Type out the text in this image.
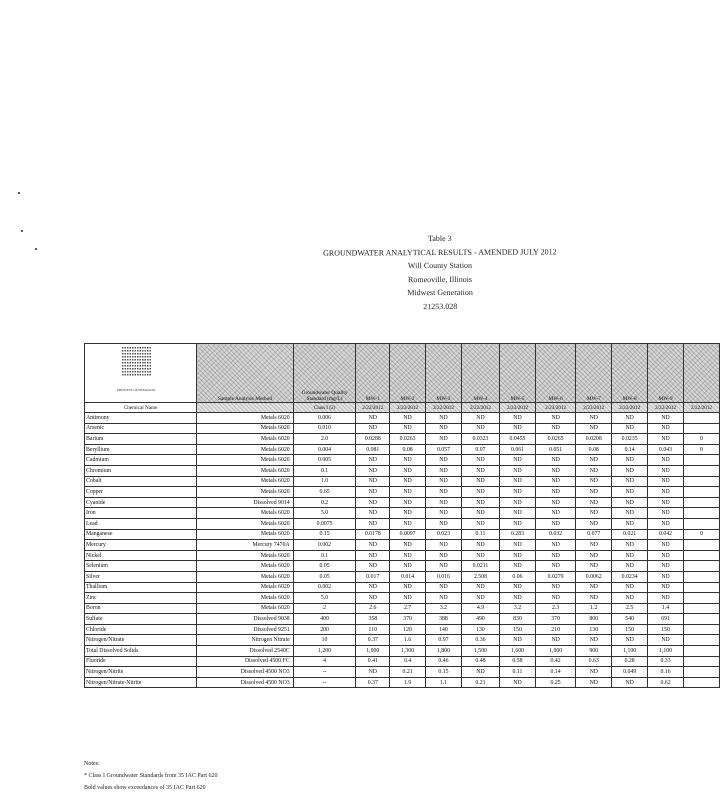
Table 3
GROUNDWATER ANALYTICAL RESULTS - AMENDED JULY 2012
Will County Station
Romeoville, Illinois
Midwest Generation
21253.028
MIDWEST GENERATION	Sample Analysis Method	Groundwater Quality Standard (mg/L)	MW-1	MW-2	MW-3	MW-4	MW-5	MW-6	MW-7	MW-8	MW-9	
Chemical Name		Class I (2)	2/22/2012	2/23/2012	2/22/2012	2/22/2012	2/23/2012	2/23/2012	2/23/2012	2/23/2012	2/22/2012	2/22/2012
Antimony	Metals 6020	0.006	ND	ND	ND	ND	ND	ND	ND	ND	ND	
Arsenic	Metals 6020	0.010	ND	ND	ND	ND	ND	ND	ND	ND	ND	
Barium	Metals 6020	2.0	0.0288	0.0263	ND	0.0323	0.0455	0.0265	0.0208	0.0235	ND	0
Beryllium	Metals 6020	0.004	0.081	0.08	0.057	0.07	0.061	0.051	0.08	0.14	0.043	0
Cadmium	Metals 6020	0.005	ND	ND	ND	ND	ND	ND	ND	ND	ND	
Chromium	Metals 6020	0.1	ND	ND	ND	ND	ND	ND	ND	ND	ND	
Cobalt	Metals 6020	1.0	ND	ND	ND	ND	ND	ND	ND	ND	ND	
Copper	Metals 6020	0.65	ND	ND	ND	ND	ND	ND	ND	ND	ND	
Cyanide	Dissolved 9014	0.2	ND	ND	ND	ND	ND	ND	ND	ND	ND	
Iron	Metals 6020	5.0	ND	ND	ND	ND	ND	ND	ND	ND	ND	
Lead	Metals 6020	0.0075	ND	ND	ND	ND	ND	ND	ND	ND	ND	
Manganese	Metals 6020	0.15	0.0178	0.0097	0.023	0.11	0.283	0.032	0.077	0.021	0.042	0
Mercury	Mercury 7470A	0.002	ND	ND	ND	ND	ND	ND	ND	ND	ND	
Nickel	Metals 6020	0.1	ND	ND	ND	ND	ND	ND	ND	ND	ND	
Selenium	Metals 6020	0.05	ND	ND	ND	0.0211	ND	ND	ND	ND	ND	
Silver	Metals 6020	0.05	0.017	0.014	0.016	2.508	0.06	0.0279	0.0062	0.0234	ND	
Thallium	Metals 6020	0.002	ND	ND	ND	ND	ND	ND	ND	ND	ND	
Zinc	Metals 6020	5.0	ND	ND	ND	ND	ND	ND	ND	ND	ND	
Boron	Metals 6020	2	2.6	2.7	3.2	4.9	3.2	2.3	1.2	2.5	1.4	
Sulfate	Dissolved 9038	400	358	370	388	490	830	370	800	540	691	
Chloride	Dissolved 9251	200	110	120	140	130	150	210	130	150	150	
Nitrogen/Nitrate	Nitrogen Nitrate	10	0.37	1.6	0.97	0.36	ND	ND	ND	ND	ND	
Total Dissolved Solids	Dissolved 2540C	1,200	1,000	1,300	1,800	1,500	1,600	1,000	900	1,100	1,100	
Fluoride	Dissolved 4500 FC	4	0.41	0.4	0.46	0.48	0.58	0.42	0.63	0.28	0.33	
Nitrogen/Nitrite	Dissolved 4500 NO3	--	ND	0.21	0.15	ND	0.11	0.14	ND	0.049	0.16	
Nitrogen/Nitrate-Nitrite	Dissolved 4500 NO3	--	0.37	1.9	1.1	0.21	ND	0.25	ND	ND	0.62	
Notes:
* Class I Groundwater Standards from 35 IAC Part 620
Bold values show exceedances of 35 IAC Part 620
